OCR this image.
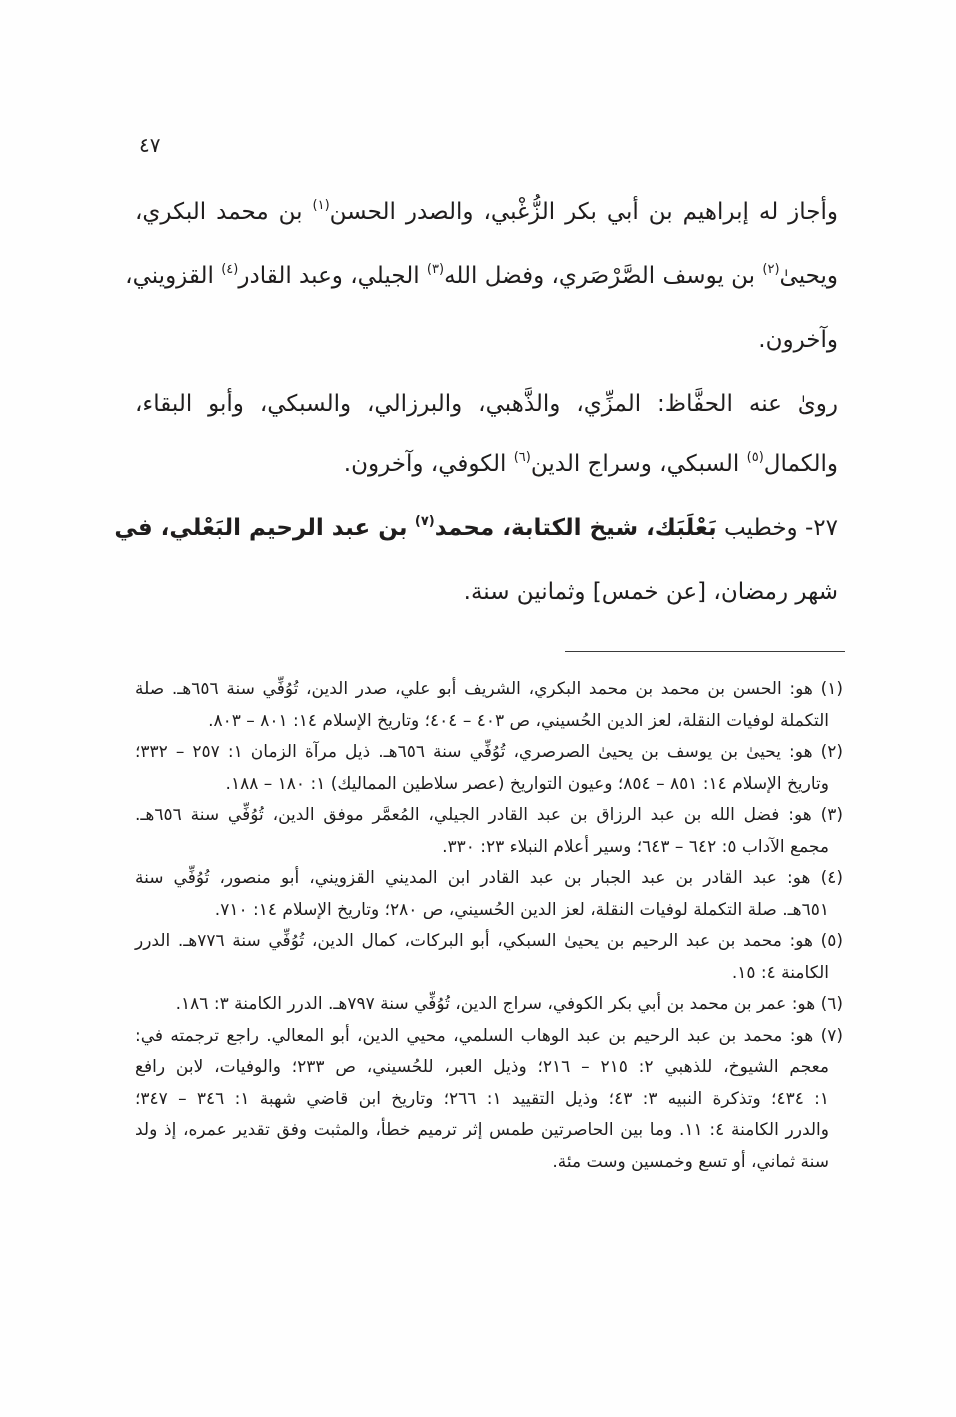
٤٧
وأجاز له إبراهيم بن أبي بكر الزُّغْبي، والصدر الحسن$^{(١)}$ بن محمد البكري،
ويحيىٰ$^{(٢)}$ بن يوسف الصَّرْصَري، وفضل الله$^{(٣)}$ الجيلي، وعبد القادر$^{(٤)}$ القزويني،
وآخرون.
روىٰ عنه الحفَّاظ: المزِّي، والذَّهبي، والبرزالي، والسبكي، وأبو البقاء،
والكمال$^{(٥)}$ السبكي، وسراج الدين$^{(٦)}$ الكوفي، وآخرون.
٢٧- وخطيب بَعْلَبَك، شيخ الكتابة، محمد$^{(٧)}$ بن عبد الرحيم البَعْلي، في
شهر رمضان، [عن خمس] وثمانين سنة.
(١) هو: الحسن بن محمد بن محمد البكري، الشريف أبو علي، صدر الدين، تُوُفِّي سنة ٦٥٦هـ. صلة
التكملة لوفيات النقلة، لعز الدين الحُسيني، ص ٤٠٣ – ٤٠٤؛ وتاريخ الإسلام ١٤: ٨٠١ – ٨٠٣.
(٢) هو: يحيىٰ بن يوسف بن يحيىٰ الصرصري، تُوُفِّي سنة ٦٥٦هـ. ذيل مرآة الزمان ١: ٢٥٧ – ٣٣٢؛
وتاريخ الإسلام ١٤: ٨٥١ – ٨٥٤؛ وعيون التواريخ (عصر سلاطين المماليك) ١: ١٨٠ – ١٨٨.
(٣) هو: فضل الله بن عبد الرزاق بن عبد القادر الجيلي، المُعمَّر موفق الدين، تُوُفِّي سنة ٦٥٦هـ.
مجمع الآداب ٥: ٦٤٢ – ٦٤٣؛ وسير أعلام النبلاء ٢٣: ٣٣٠.
(٤) هو: عبد القادر بن عبد الجبار بن عبد القادر ابن المديني القزويني، أبو منصور، تُوُفِّي سنة
٦٥١هـ. صلة التكملة لوفيات النقلة، لعز الدين الحُسيني، ص ٢٨٠؛ وتاريخ الإسلام ١٤: ٧١٠.
(٥) هو: محمد بن عبد الرحيم بن يحيىٰ السبكي، أبو البركات، كمال الدين، تُوُفِّي سنة ٧٧٦هـ. الدرر
الكامنة ٤: ١٥.
(٦) هو: عمر بن محمد بن أبي بكر الكوفي، سراج الدين، تُوُفِّي سنة ٧٩٧هـ. الدرر الكامنة ٣: ١٨٦.
(٧) هو: محمد بن عبد الرحيم بن عبد الوهاب السلمي، محيي الدين، أبو المعالي. راجع ترجمته في:
معجم الشيوخ، للذهبي ٢: ٢١٥ – ٢١٦؛ وذيل العبر، للحُسيني، ص ٢٣٣؛ والوفيات، لابن رافع
١: ٤٣٤؛ وتذكرة النبيه ٣: ٤٣؛ وذيل التقييد ١: ٢٦٦؛ وتاريخ ابن قاضي شهبة ١: ٣٤٦ – ٣٤٧؛
والدرر الكامنة ٤: ١١. وما بين الحاصرتين طمس إثر ترميم خطأ، والمثبت وفق تقدير عمره، إذ ولد
سنة ثماني، أو تسع وخمسين وست مئة.
